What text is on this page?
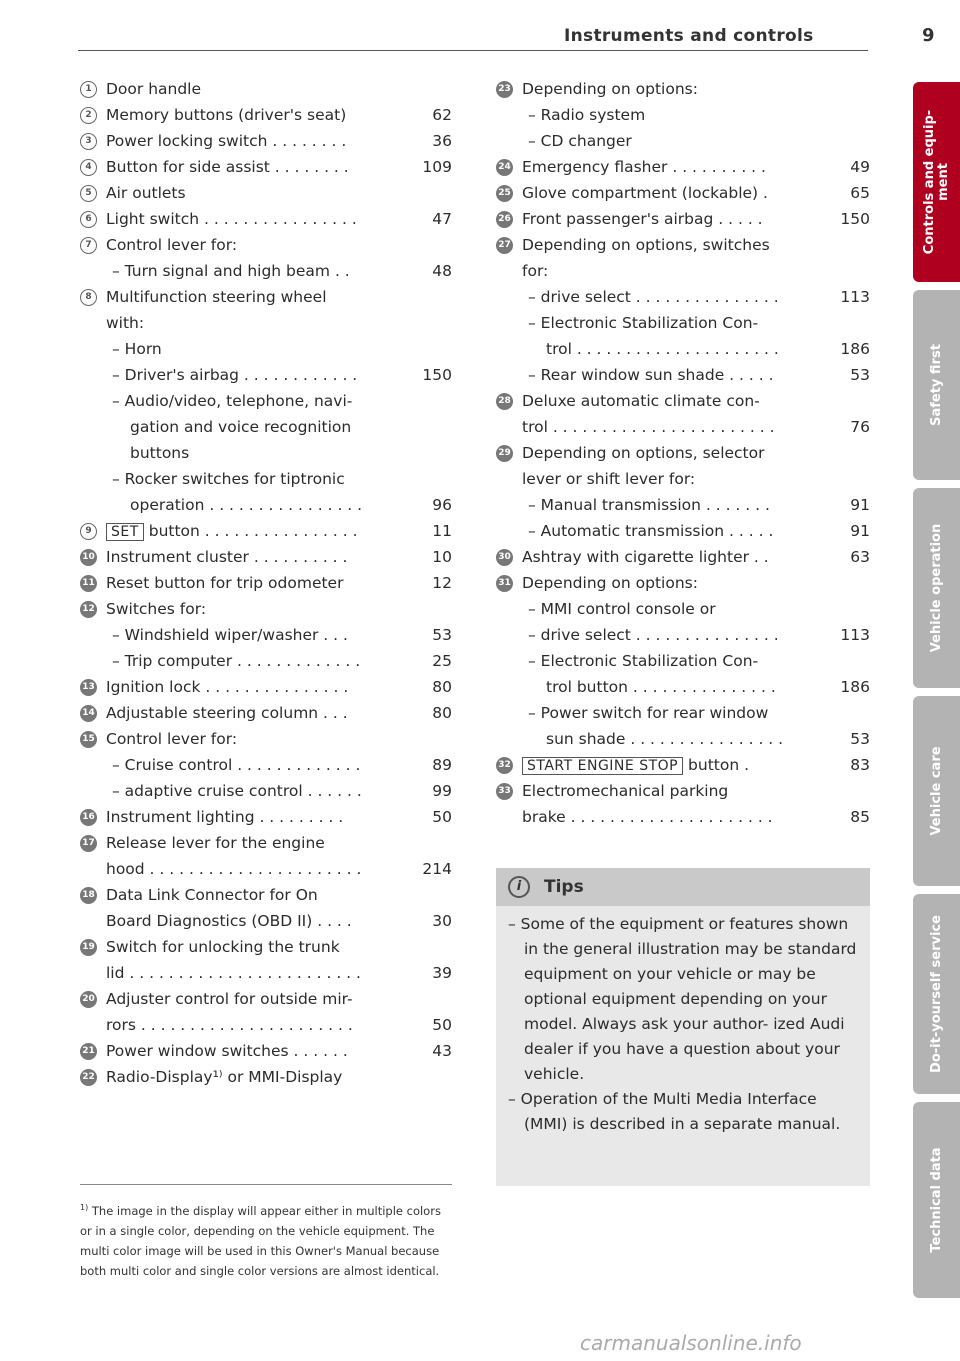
Instruments and controls	9
1 Door handle
2 Memory buttons (driver's seat)	62
3 Power locking switch . . . . . . . .	36
4 Button for side assist . . . . . . . .	109
5 Air outlets
6 Light switch . . . . . . . . . . . . . . . .	47
7 Control lever for:
– Turn signal and high beam . .	48
8 Multifunction steering wheel
with:
– Horn
– Driver's airbag . . . . . . . . . . . .	150
– Audio/video, telephone, navi-
gation and voice recognition
buttons
– Rocker switches for tiptronic
operation . . . . . . . . . . . . . . . .	96
9	SET button . . . . . . . . . . . . . . . .	11
10 Instrument cluster . . . . . . . . . .	10
11 Reset button for trip odometer	12
12 Switches for:
– Windshield wiper/washer . . .	53
– Trip computer . . . . . . . . . . . . .	25
13 Ignition lock . . . . . . . . . . . . . . .	80
14 Adjustable steering column . . .	80
15 Control lever for:
– Cruise control . . . . . . . . . . . . .	89
– adaptive cruise control . . . . . .	99
16 Instrument lighting . . . . . . . . .	50
17 Release lever for the engine
hood . . . . . . . . . . . . . . . . . . . . . .	214
18 Data Link Connector for On
Board Diagnostics (OBD II) . . . .	30
19 Switch for unlocking the trunk
lid . . . . . . . . . . . . . . . . . . . . . . . .	39
20 Adjuster control for outside mir-
rors . . . . . . . . . . . . . . . . . . . . . .	50
21 Power window switches . . . . . .	43
22 Radio-Display¹⁾ or MMI-Display
23 Depending on options:
– Radio system
– CD changer
24 Emergency flasher . . . . . . . . . .	49
25 Glove compartment (lockable) .	65
26 Front passenger's airbag . . . . .	150
27 Depending on options, switches
for:
– drive select . . . . . . . . . . . . . . .	113
– Electronic Stabilization Con-
trol . . . . . . . . . . . . . . . . . . . . .	186
– Rear window sun shade . . . . .	53
28 Deluxe automatic climate con-
trol . . . . . . . . . . . . . . . . . . . . . . .	76
29 Depending on options, selector
lever or shift lever for:
– Manual transmission . . . . . . .	91
– Automatic transmission . . . . .	91
30 Ashtray with cigarette lighter . .	63
31 Depending on options:
– MMI control console or
– drive select . . . . . . . . . . . . . . .	113
– Electronic Stabilization Con-
trol button . . . . . . . . . . . . . . .	186
– Power switch for rear window
sun shade . . . . . . . . . . . . . . . .	53
32	START ENGINE STOP button .	83
33 Electromechanical parking
brake . . . . . . . . . . . . . . . . . . . . .	85
$^{1)}$ The image in the display will appear either in multiple colors or in a single color, depending on the vehicle equipment. The multi color image will be used in this Owner's Manual because both multi color and single color versions are almost identical.
i	Tips
– Some of the equipment or features shown in the general illustration may be standard equipment on your vehicle or may be optional equipment depending on your model. Always ask your author- ized Audi dealer if you have a question about your vehicle.
– Operation of the Multi Media Interface (MMI) is described in a separate manual.
Controls and equip- ment
Safety first
Vehicle operation
Vehicle care
Do-it-yourself service
Technical data
carmanualsonline.info
